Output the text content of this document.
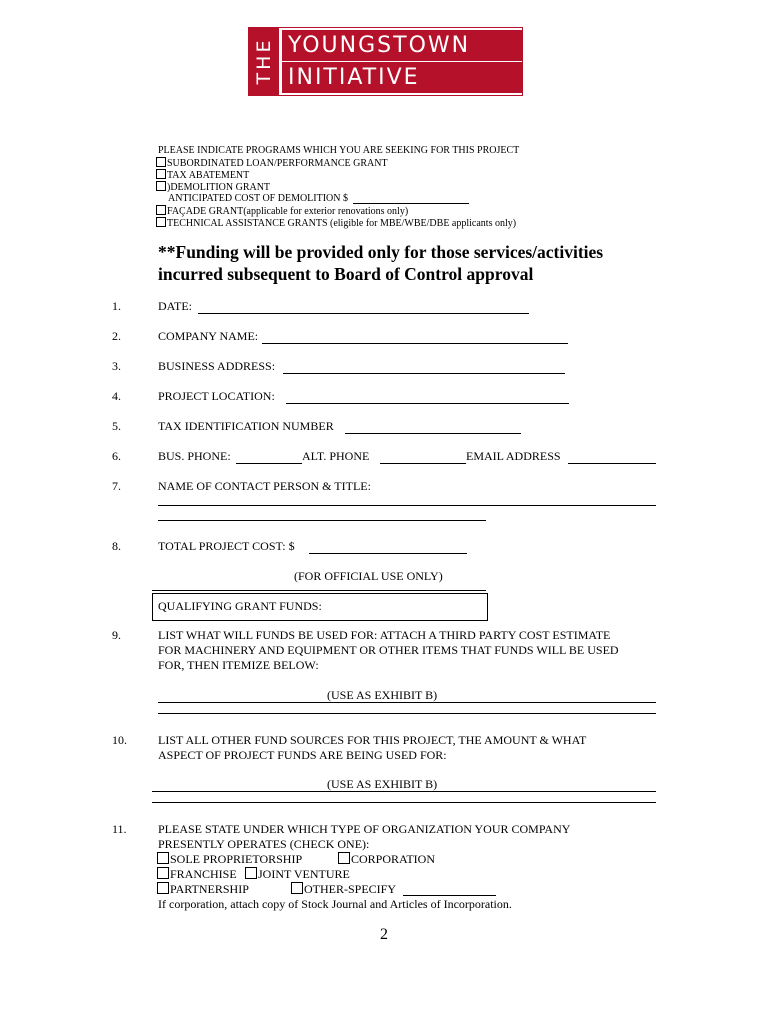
THE YOUNGSTOWN
INITIATIVE
PLEASE INDICATE PROGRAMS WHICH YOU ARE SEEKING FOR THIS PROJECT
SUBORDINATED LOAN/PERFORMANCE GRANT
TAX ABATEMENT
)DEMOLITION GRANT
ANTICIPATED COST OF DEMOLITION $
FAÇADE GRANT(applicable for exterior renovations only)
TECHNICAL ASSISTANCE GRANTS (eligible for MBE/WBE/DBE applicants only)
**Funding will be provided only for those services/activities
incurred subsequent to Board of Control approval
1.	DATE:
2.	COMPANY NAME:
3.	BUSINESS ADDRESS:
4.	PROJECT LOCATION:
5.	TAX IDENTIFICATION NUMBER
6.	BUS. PHONE:	ALT. PHONE	EMAIL ADDRESS
7.	NAME OF CONTACT PERSON & TITLE:
8.	TOTAL PROJECT COST: $
(FOR OFFICIAL USE ONLY)
QUALIFYING GRANT FUNDS:
9.	LIST WHAT WILL FUNDS BE USED FOR: ATTACH A THIRD PARTY COST ESTIMATE
FOR MACHINERY AND EQUIPMENT OR OTHER ITEMS THAT FUNDS WILL BE USED
FOR, THEN ITEMIZE BELOW:
(USE AS EXHIBIT B)
10.	LIST ALL OTHER FUND SOURCES FOR THIS PROJECT, THE AMOUNT & WHAT
ASPECT OF PROJECT FUNDS ARE BEING USED FOR:
(USE AS EXHIBIT B)
11.	PLEASE STATE UNDER WHICH TYPE OF ORGANIZATION YOUR COMPANY
PRESENTLY OPERATES (CHECK ONE):
SOLE PROPRIETORSHIP	CORPORATION
FRANCHISE	JOINT VENTURE
PARTNERSHIP	OTHER-SPECIFY
If corporation, attach copy of Stock Journal and Articles of Incorporation.
2
